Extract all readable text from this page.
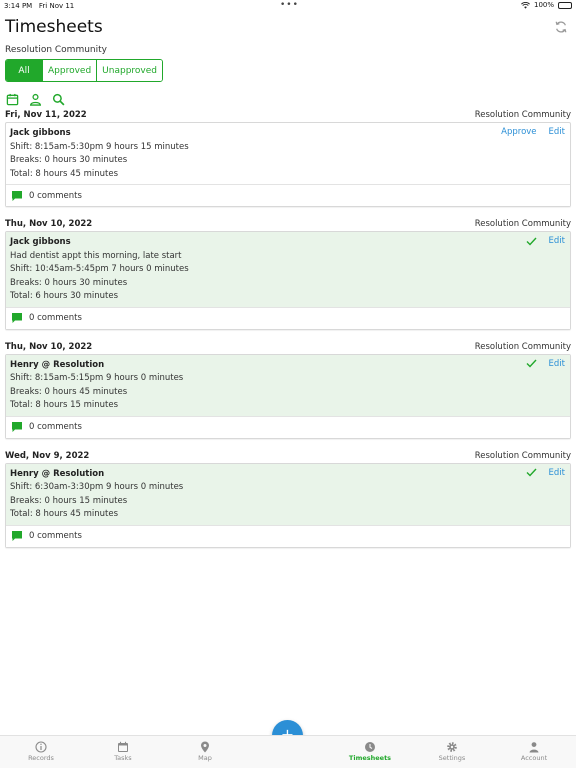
3:14 PM Fri Nov 11	•••	100%
Timesheets
Resolution Community
All	Approved	Unapproved
Fri, Nov 11, 2022	Resolution Community
Jack gibbons
Shift: 8:15am-5:30pm 9 hours 15 minutes
Breaks: 0 hours 30 minutes
Total: 8 hours 45 minutes
Approve Edit
0 comments
Thu, Nov 10, 2022	Resolution Community
Jack gibbons
Had dentist appt this morning, late start
Shift: 10:45am-5:45pm 7 hours 0 minutes
Breaks: 0 hours 30 minutes
Total: 6 hours 30 minutes
Edit
0 comments
Thu, Nov 10, 2022	Resolution Community
Henry @ Resolution
Shift: 8:15am-5:15pm 9 hours 0 minutes
Breaks: 0 hours 45 minutes
Total: 8 hours 15 minutes
Edit
0 comments
Wed, Nov 9, 2022	Resolution Community
Henry @ Resolution
Shift: 6:30am-3:30pm 9 hours 0 minutes
Breaks: 0 hours 15 minutes
Total: 8 hours 45 minutes
Edit
0 comments
Records	Tasks	Map	Timesheets	Settings	Account
